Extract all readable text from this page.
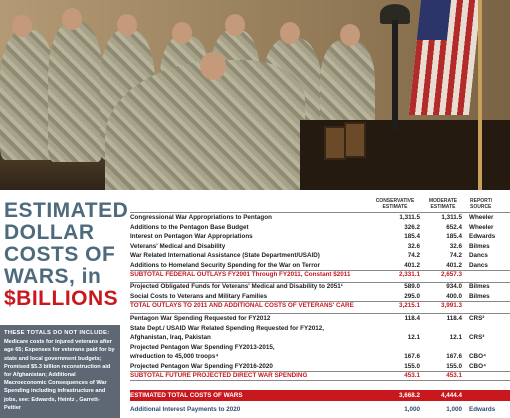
ESTIMATED
DOLLAR
COSTS OF
WARS, in
$BILLIONS
THESE TOTALS DO NOT INCLUDE:
Medicare costs for injured veterans after age 65; Expenses for veterans paid for by state and local government budgets; Promised $5.3 billion reconstruction aid for Afghanistan; Additional Macroeconomic Consequences of War Spending including infrastructure and jobs, see: Edwards, Heintz , Garrett-Peltier
CONSERVATIVE ESTIMATE
MODERATE ESTIMATE
REPORT/ SOURCE
Congressional War Appropriations to Pentagon	1,311.5	1,311.5 Wheeler
Additions to the Pentagon Base Budget	326.2	652.4 Wheeler
Interest on Pentagon War Appropriations	185.4	185.4 Edwards
Veterans' Medical and Disability	32.6	32.6 Bilmes
War Related International Assistance (State Department/USAID)	74.2	74.2 Dancs
Additions to Homeland Security Spending for the War on Terror	401.2	401.2 Dancs
SUBTOTAL FEDERAL OUTLAYS FY2001 Through FY2011, Constant $2011	2,331.1	2,657.3
Projected Obligated Funds for Veterans' Medical and Disability to 2051¹	589.0	934.0 Bilmes
Social Costs to Veterans and Military Families	295.0	400.0 Bilmes
TOTAL OUTLAYS TO 2011 AND ADDITIONAL COSTS OF VETERANS' CARE	3,215.1	3,991.3
Pentagon War Spending Requested for FY2012	118.4	118.4 CRS²
State Dept./ USAID War Related Spending Requested for FY2012,
Afghanistan, Iraq, Pakistan	12.1	12.1 CRS³
Projected Pentagon War Spending FY2013-2015,
w/reduction to 45,000 troops⁴	167.6	167.6 CBO⁴
Projected Pentagon War Spending FY2016-2020	155.0	155.0 CBO⁴
SUBTOTAL FUTURE PROJECTED DIRECT WAR SPENDING	453.1	453.1
ESTIMATED TOTAL COSTS OF WARS	3,668.2	4,444.4
Additional Interest Payments to 2020	1,000	1,000 Edwards
